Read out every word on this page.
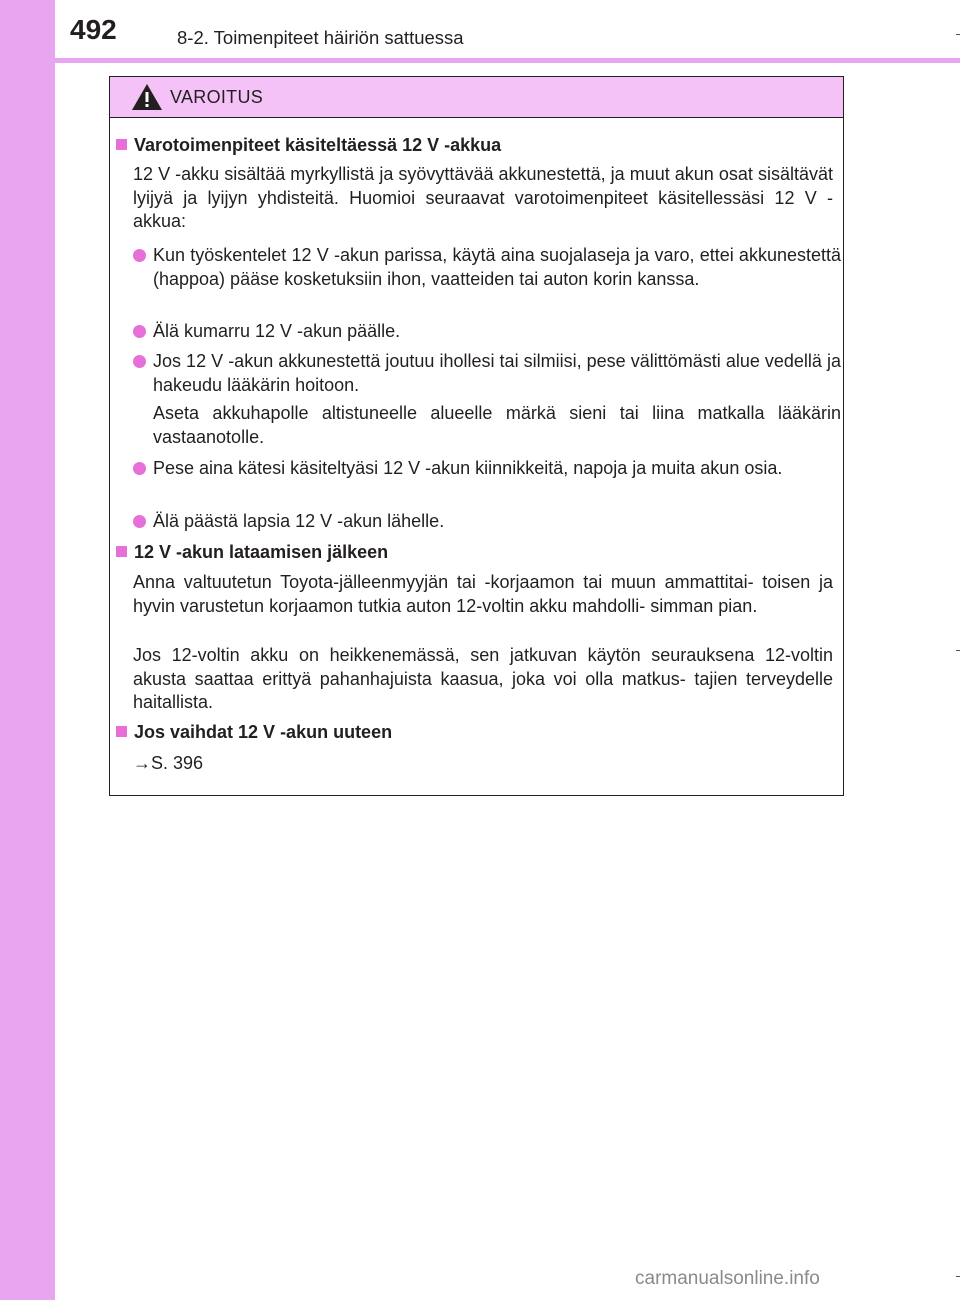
492	8-2. Toimenpiteet häiriön sattuessa
VAROITUS
Varotoimenpiteet käsiteltäessä 12 V -akkua
12 V -akku sisältää myrkyllistä ja syövyttävää akkunestettä, ja muut akun osat sisältävät lyijyä ja lyijyn yhdisteitä. Huomioi seuraavat varotoimenpiteet käsitellessäsi 12 V -akkua:
Kun työskentelet 12 V -akun parissa, käytä aina suojalaseja ja varo, ettei akkunestettä (happoa) pääse kosketuksiin ihon, vaatteiden tai auton korin kanssa.
Älä kumarru 12 V -akun päälle.
Jos 12 V -akun akkunestettä joutuu ihollesi tai silmiisi, pese välittömästi alue vedellä ja hakeudu lääkärin hoitoon.
Aseta akkuhapolle altistuneelle alueelle märkä sieni tai liina matkalla lääkärin vastaanotolle.
Pese aina kätesi käsiteltyäsi 12 V -akun kiinnikkeitä, napoja ja muita akun osia.
Älä päästä lapsia 12 V -akun lähelle.
12 V -akun lataamisen jälkeen
Anna valtuutetun Toyota-jälleenmyyjän tai -korjaamon tai muun ammattitai- toisen ja hyvin varustetun korjaamon tutkia auton 12-voltin akku mahdolli- simman pian.
Jos 12-voltin akku on heikkenemässä, sen jatkuvan käytön seurauksena 12-voltin akusta saattaa erittyä pahanhajuista kaasua, joka voi olla matkus- tajien terveydelle haitallista.
Jos vaihdat 12 V -akun uuteen
→S. 396
carmanualsonline.info
